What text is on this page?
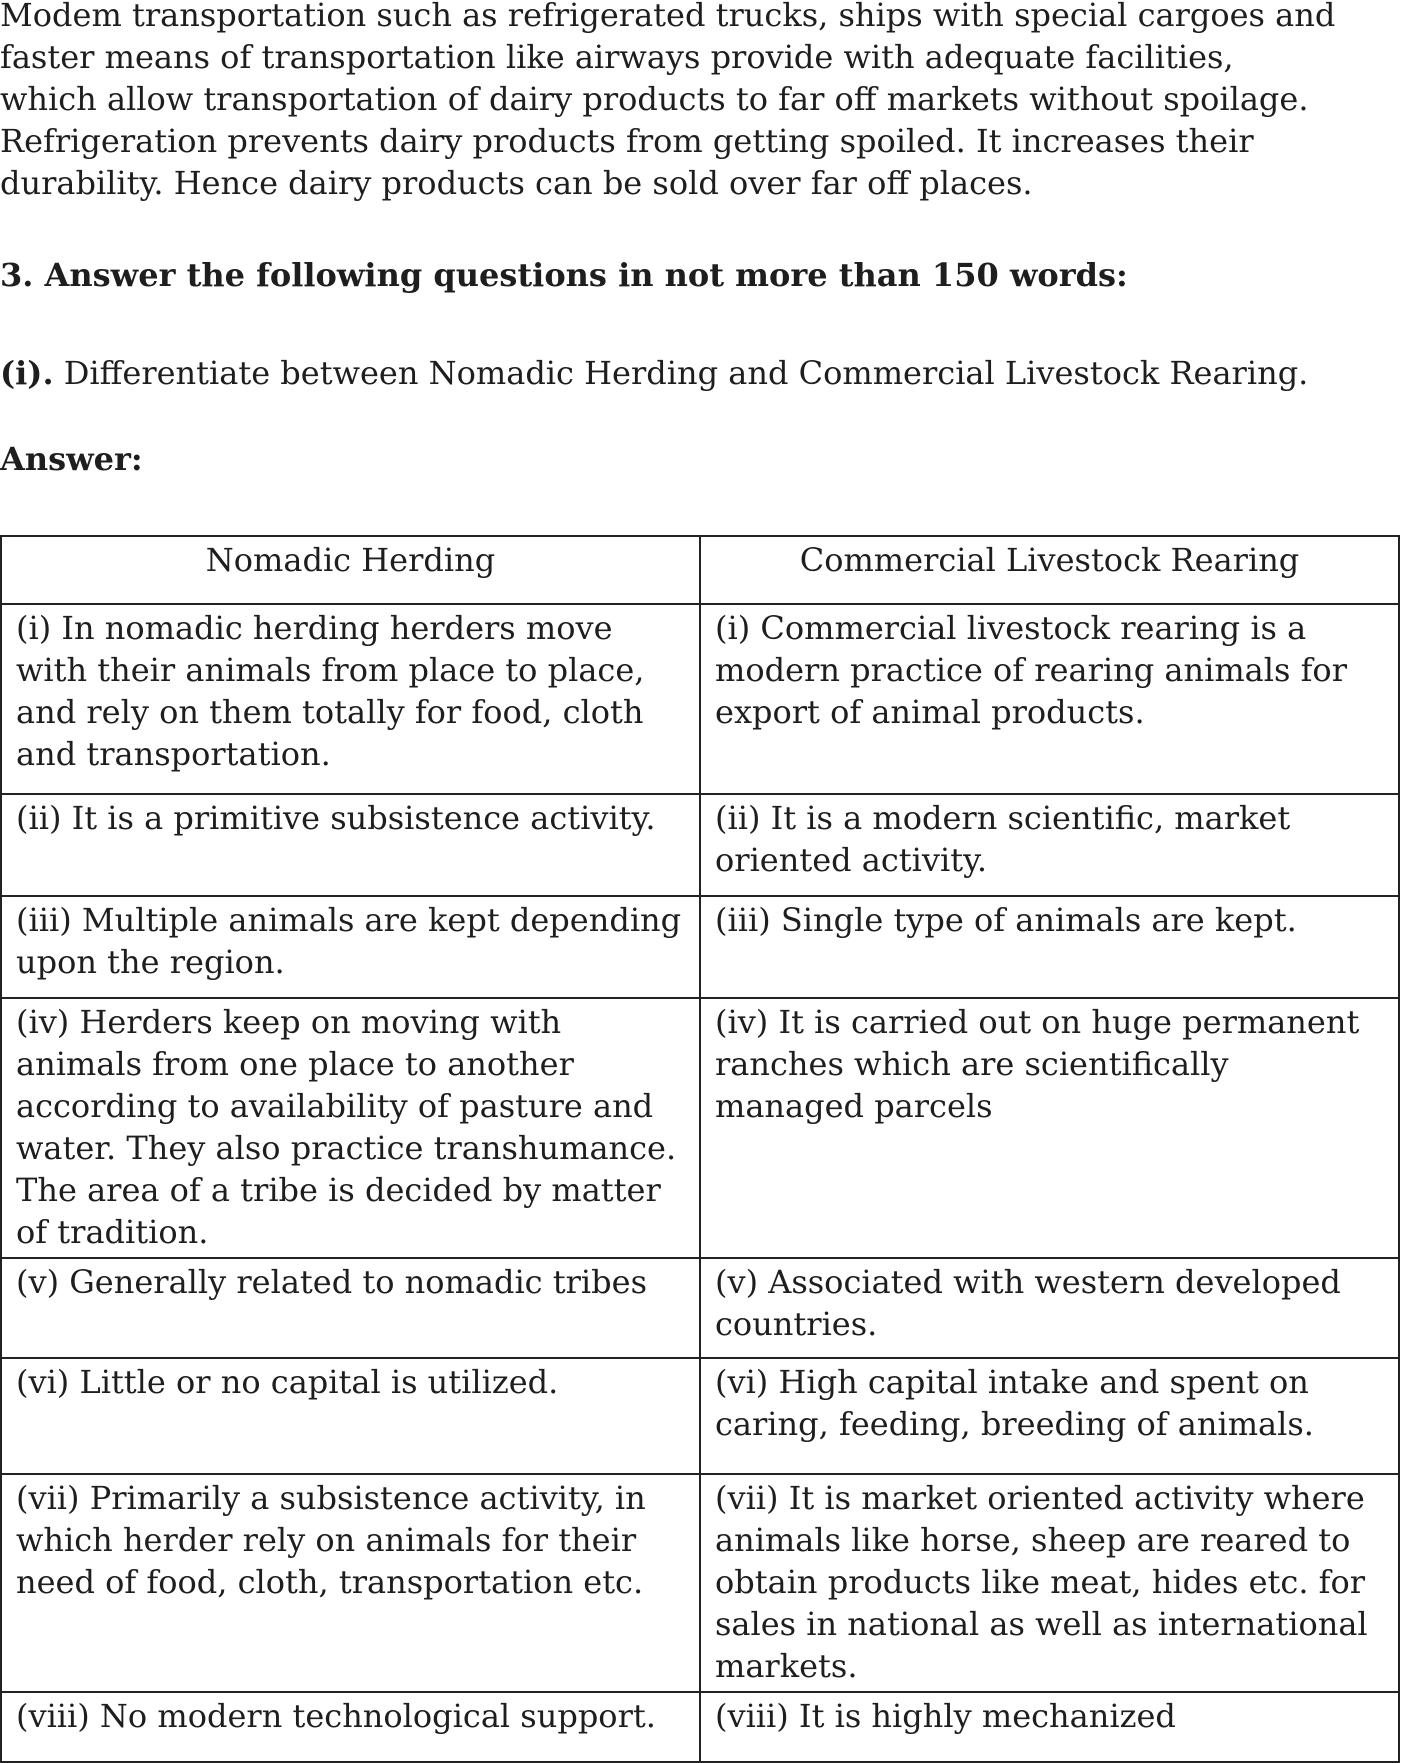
Modem transportation such as refrigerated trucks, ships with special cargoes and faster means of transportation like airways provide with adequate facilities, which allow transportation of dairy products to far off markets without spoilage. Refrigeration prevents dairy products from getting spoiled. It increases their durability. Hence dairy products can be sold over far off places.

3. Answer the following questions in not more than 150 words:

(i). Differentiate between Nomadic Herding and Commercial Livestock Rearing.

Answer:

Nomadic Herding	Commercial Livestock Rearing
(i) In nomadic herding herders move with their animals from place to place, and rely on them totally for food, cloth and transportation.	(i) Commercial livestock rearing is a modern practice of rearing animals for export of animal products.
(ii) It is a primitive subsistence activity.	(ii) It is a modern scientific, market oriented activity.
(iii) Multiple animals are kept depending upon the region.	(iii) Single type of animals are kept.
(iv) Herders keep on moving with animals from one place to another according to availability of pasture and water. They also practice transhumance. The area of a tribe is decided by matter of tradition.	(iv) It is carried out on huge permanent ranches which are scientifically managed parcels
(v) Generally related to nomadic tribes	(v) Associated with western developed countries.
(vi) Little or no capital is utilized.	(vi) High capital intake and spent on caring, feeding, breeding of animals.
(vii) Primarily a subsistence activity, in which herder rely on animals for their need of food, cloth, transportation etc.	(vii) It is market oriented activity where animals like horse, sheep are reared to obtain products like meat, hides etc. for sales in national as well as international markets.
(viii) No modern technological support.	(viii) It is highly mechanized
